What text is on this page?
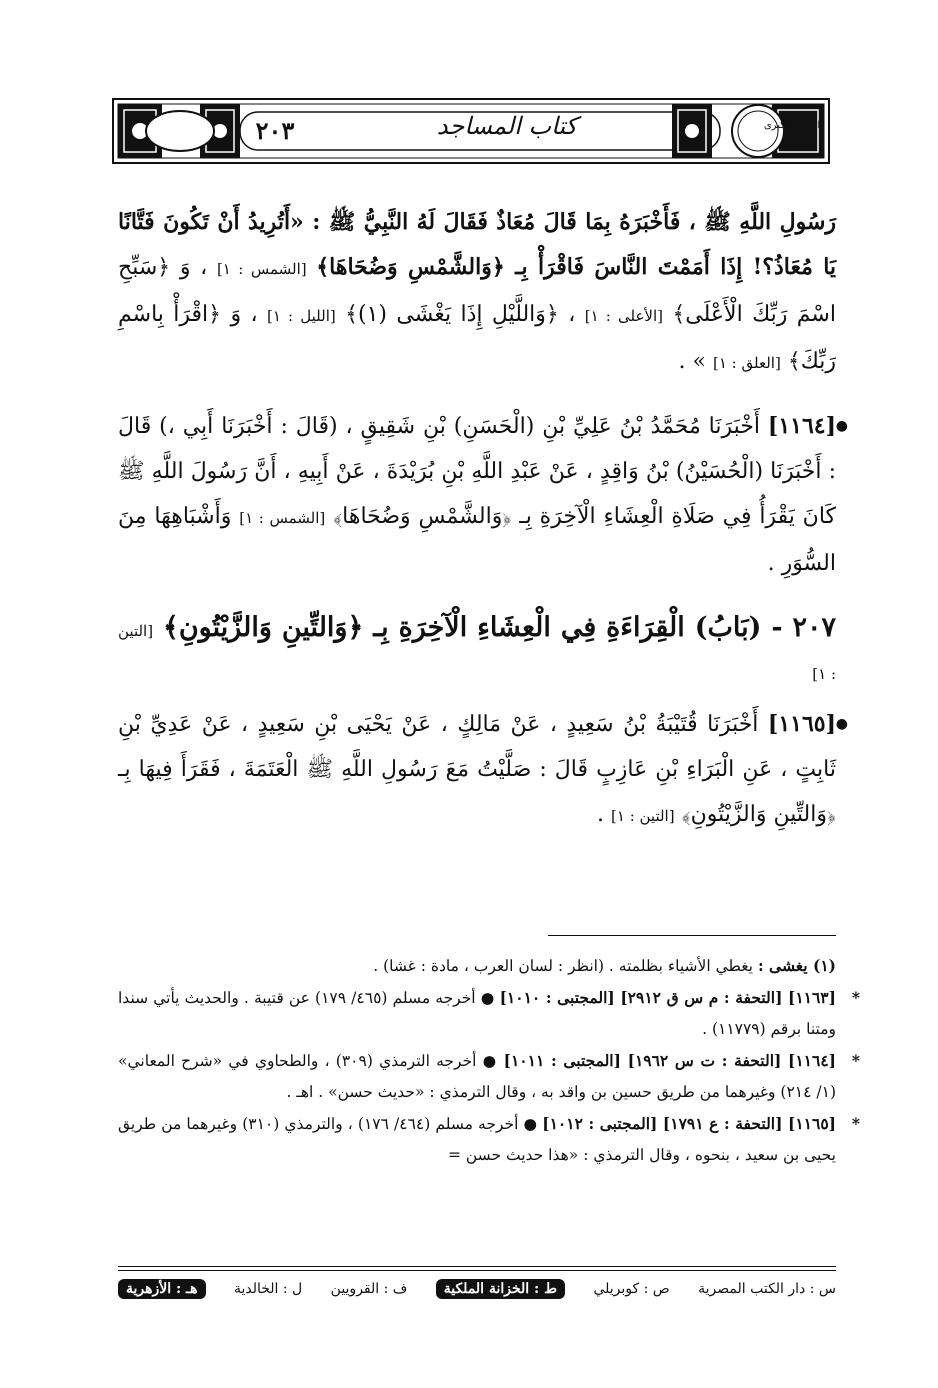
٢٠٣	كتاب المساجد	السنن الكبرى

رَسُولِ اللَّهِ ﷺ ، فَأَخْبَرَهُ بِمَا قَالَ مُعَاذٌ فَقَالَ لَهُ النَّبِيُّ ﷺ : «أَتُرِيدُ أَنْ تَكُونَ فَتَّانًا يَا مُعَاذُ؟! إِذَا أَمَمْتَ النَّاسَ فَاقْرَأْ بِـ ﴿وَالشَّمْسِ وَضُحَاهَا﴾ [الشمس : ١] ، وَ ﴿سَبِّحِ اسْمَ رَبِّكَ الْأَعْلَى﴾ [الأعلى : ١] ، ﴿وَاللَّيْلِ إِذَا يَغْشَى (١)﴾ [الليل : ١] ، وَ ﴿اقْرَأْ بِاسْمِ رَبِّكَ﴾ [العلق : ١] » .

●
[١١٦٤] أَخْبَرَنَا مُحَمَّدُ بْنُ عَلِيِّ بْنِ (الْحَسَنِ) بْنِ شَقِيقٍ ، (قَالَ : أَخْبَرَنَا أَبِي ،) قَالَ : أَخْبَرَنَا (الْحُسَيْنُ) بْنُ وَاقِدٍ ، عَنْ عَبْدِ اللَّهِ بْنِ بُرَيْدَةَ ، عَنْ أَبِيهِ ، أَنَّ رَسُولَ اللَّهِ ﷺ كَانَ يَقْرَأُ فِي صَلَاةِ الْعِشَاءِ الْآخِرَةِ بِـ ﴿وَالشَّمْسِ وَضُحَاهَا﴾ [الشمس : ١] وَأَشْبَاهِهَا مِنَ السُّوَرِ .

٢٠٧ - (بَابُ) الْقِرَاءَةِ فِي الْعِشَاءِ الْآخِرَةِ بِـ ﴿وَالتِّينِ وَالزَّيْتُونِ﴾ [التين : ١]

●
[١١٦٥] أَخْبَرَنَا قُتَيْبَةُ بْنُ سَعِيدٍ ، عَنْ مَالِكٍ ، عَنْ يَحْيَى بْنِ سَعِيدٍ ، عَنْ عَدِيِّ بْنِ ثَابِتٍ ، عَنِ الْبَرَاءِ بْنِ عَازِبٍ قَالَ : صَلَّيْتُ مَعَ رَسُولِ اللَّهِ ﷺ الْعَتَمَةَ ، فَقَرَأَ فِيهَا بِـ ﴿وَالتِّينِ وَالزَّيْتُونِ﴾ [التين : ١] .

(١) يغشى : يغطي الأشياء بظلمته . (انظر : لسان العرب ، مادة : غشا) .

*
[١١٦٣] [التحفة : م س ق ٢٩١٢] [المجتبى : ١٠١٠] ● أخرجه مسلم (٤٦٥/ ١٧٩) عن قتيبة . والحديث يأتي سندا ومتنا برقم (١١٧٧٩) .

*
[١١٦٤] [التحفة : ت س ١٩٦٢] [المجتبى : ١٠١١] ● أخرجه الترمذي (٣٠٩) ، والطحاوي في «شرح المعاني» (١/ ٢١٤) وغيرهما من طريق حسين بن واقد به ، وقال الترمذي : «حديث حسن» . اهـ .

*
[١١٦٥] [التحفة : ع ١٧٩١] [المجتبى : ١٠١٢] ● أخرجه مسلم (٤٦٤/ ١٧٦) ، والترمذي (٣١٠) وغيرهما من طريق يحيى بن سعيد ، بنحوه ، وقال الترمذي : «هذا حديث حسن =

س : دار الكتب المصرية
ص : كوبريلي
ط : الخزانة الملكية
ف : القرويين
ل : الخالدية
هـ : الأزهرية
